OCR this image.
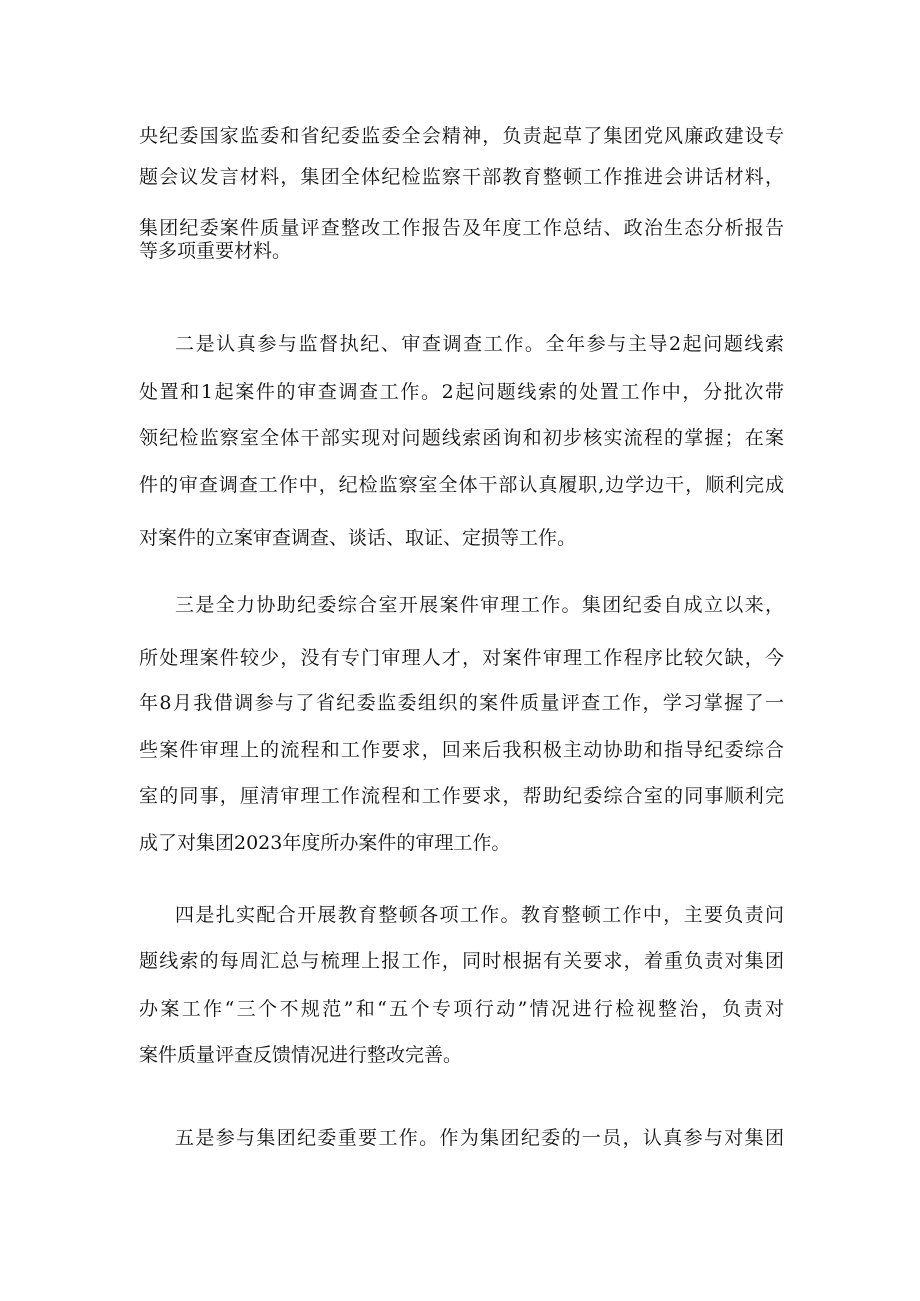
央纪委国家监委和省纪委监委全会精神，负责起草了集团党风廉政建设专
题会议发言材料，集团全体纪检监察干部教育整顿工作推进会讲话材料，
集团纪委案件质量评查整改工作报告及年度工作总结、政治生态分析报告
等多项重要材料。
二是认真参与监督执纪、审查调查工作。全年参与主导2起问题线索
处置和1起案件的审查调查工作。2起问题线索的处置工作中，分批次带
领纪检监察室全体干部实现对问题线索函询和初步核实流程的掌握；在案
件的审查调查工作中，纪检监察室全体干部认真履职,边学边干，顺利完成
对案件的立案审查调查、谈话、取证、定损等工作。
三是全力协助纪委综合室开展案件审理工作。集团纪委自成立以来，
所处理案件较少，没有专门审理人才，对案件审理工作程序比较欠缺，今
年8月我借调参与了省纪委监委组织的案件质量评查工作，学习掌握了一
些案件审理上的流程和工作要求，回来后我积极主动协助和指导纪委综合
室的同事，厘清审理工作流程和工作要求，帮助纪委综合室的同事顺利完
成了对集团2023年度所办案件的审理工作。
四是扎实配合开展教育整顿各项工作。教育整顿工作中，主要负责问
题线索的每周汇总与梳理上报工作，同时根据有关要求，着重负责对集团
办案工作“三个不规范”和“五个专项行动”情况进行检视整治，负责对
案件质量评查反馈情况进行整改完善。
五是参与集团纪委重要工作。作为集团纪委的一员，认真参与对集团
